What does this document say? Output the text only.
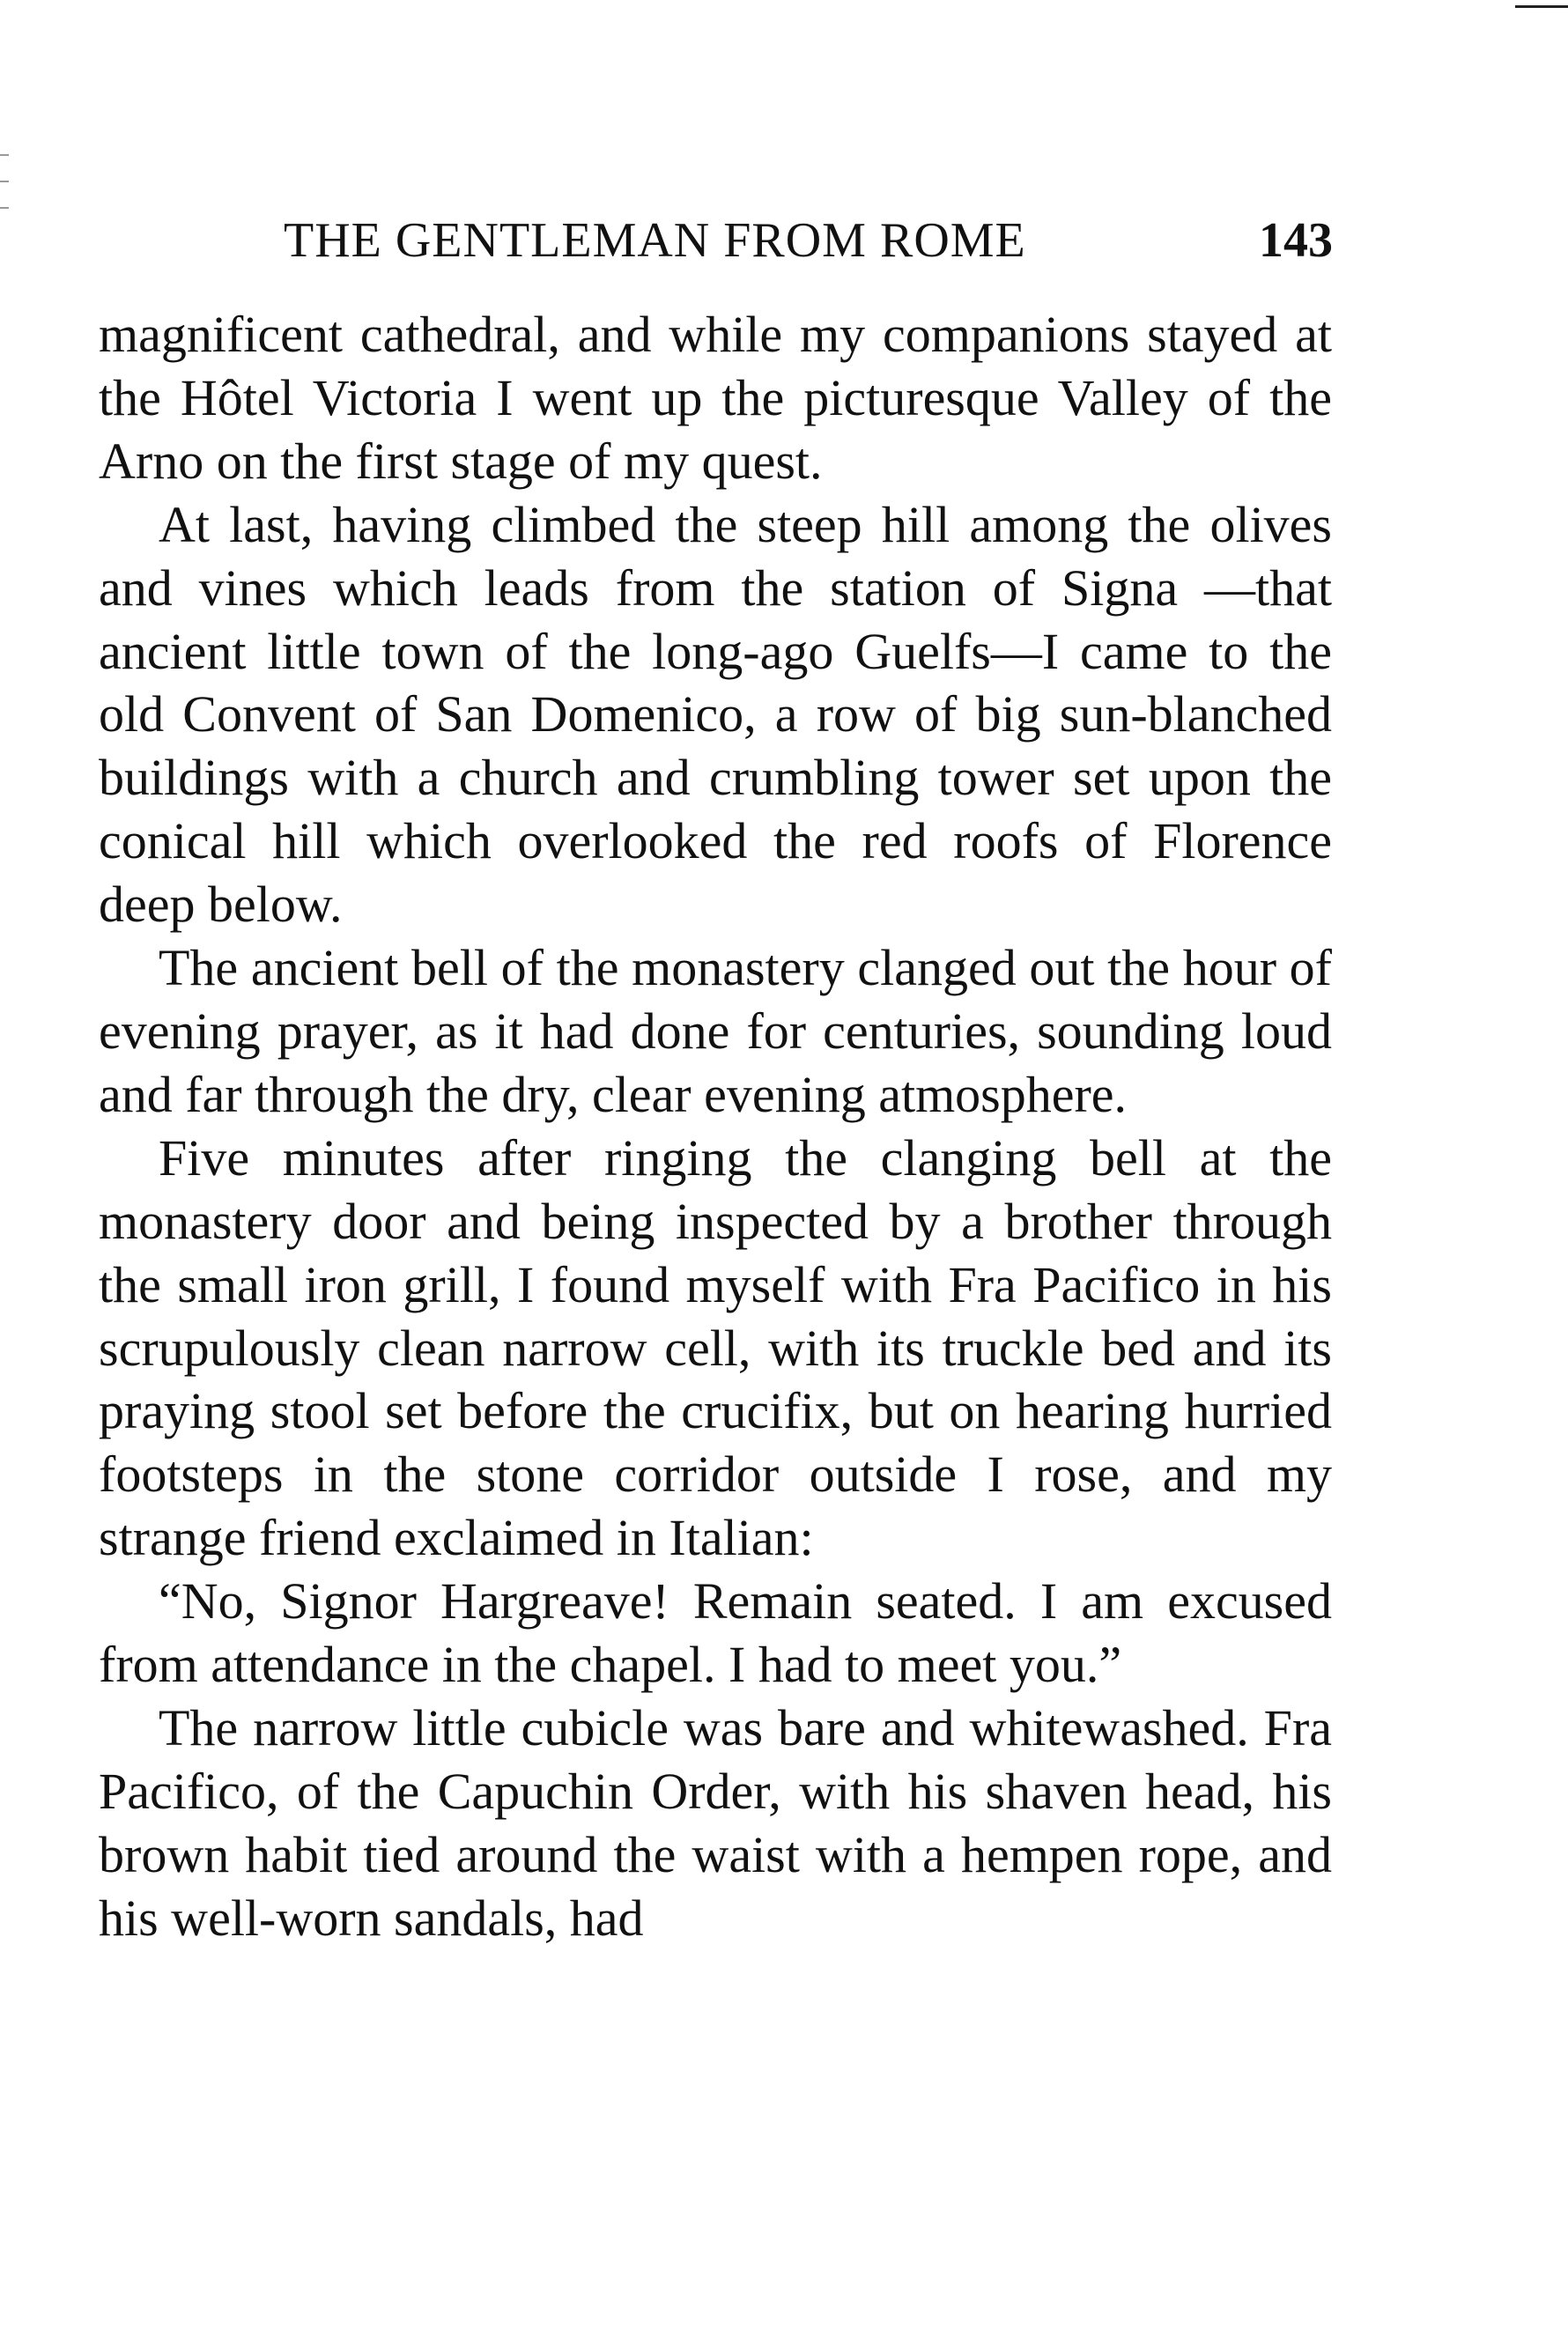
THE GENTLEMAN FROM ROME	143

magnificent cathedral, and while my companions stayed at the Hôtel Victoria I went up the picturesque Valley of the Arno on the first stage of my quest.

At last, having climbed the steep hill among the olives and vines which leads from the station of Signa —that ancient little town of the long-ago Guelfs—I came to the old Convent of San Domenico, a row of big sun-blanched buildings with a church and crumbling tower set upon the conical hill which overlooked the red roofs of Florence deep below.

The ancient bell of the monastery clanged out the hour of evening prayer, as it had done for centuries, sounding loud and far through the dry, clear evening atmosphere.

Five minutes after ringing the clanging bell at the monastery door and being inspected by a brother through the small iron grill, I found myself with Fra Pacifico in his scrupulously clean narrow cell, with its truckle bed and its praying stool set before the crucifix, but on hearing hurried footsteps in the stone corridor outside I rose, and my strange friend exclaimed in Italian:

“No, Signor Hargreave! Remain seated. I am excused from attendance in the chapel. I had to meet you.”

The narrow little cubicle was bare and whitewashed. Fra Pacifico, of the Capuchin Order, with his shaven head, his brown habit tied around the waist with a hempen rope, and his well-worn sandals, had
